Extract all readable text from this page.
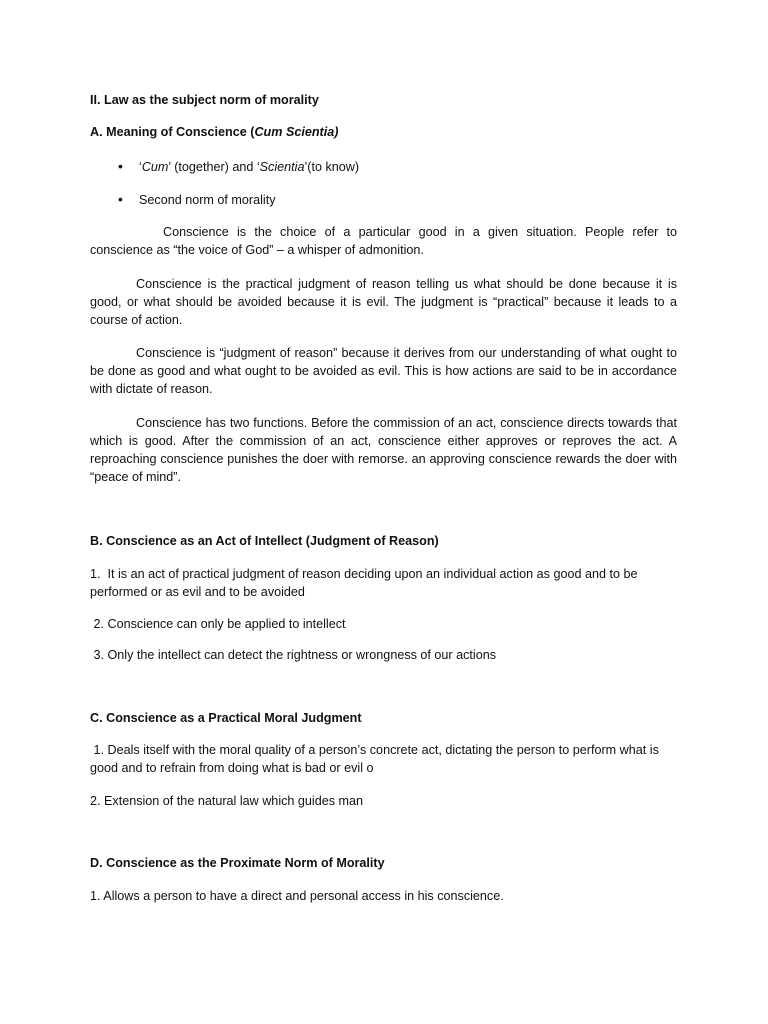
II. Law as the subject norm of morality

A. Meaning of Conscience (Cum Scientia)

•‘Cum’ (together) and ‘Scientia’(to know)
•Second norm of morality

Conscience is the choice of a particular good in a given situation. People refer to conscience as “the voice of God” – a whisper of admonition.

Conscience is the practical judgment of reason telling us what should be done because it is good, or what should be avoided because it is evil. The judgment is “practical” because it leads to a course of action.

Conscience is “judgment of reason” because it derives from our understanding of what ought to be done as good and what ought to be avoided as evil. This is how actions are said to be in accordance with dictate of reason.

Conscience has two functions. Before the commission of an act, conscience directs towards that which is good. After the commission of an act, conscience either approves or reproves the act. A reproaching conscience punishes the doer with remorse. an approving conscience rewards the doer with “peace of mind”.

B. Conscience as an Act of Intellect (Judgment of Reason)

1.  It is an act of practical judgment of reason deciding upon an individual action as good and to be performed or as evil and to be avoided

2. Conscience can only be applied to intellect

3. Only the intellect can detect the rightness or wrongness of our actions

C. Conscience as a Practical Moral Judgment

1. Deals itself with the moral quality of a person’s concrete act, dictating the person to perform what is good and to refrain from doing what is bad or evil o

2. Extension of the natural law which guides man

D. Conscience as the Proximate Norm of Morality

1. Allows a person to have a direct and personal access in his conscience.
